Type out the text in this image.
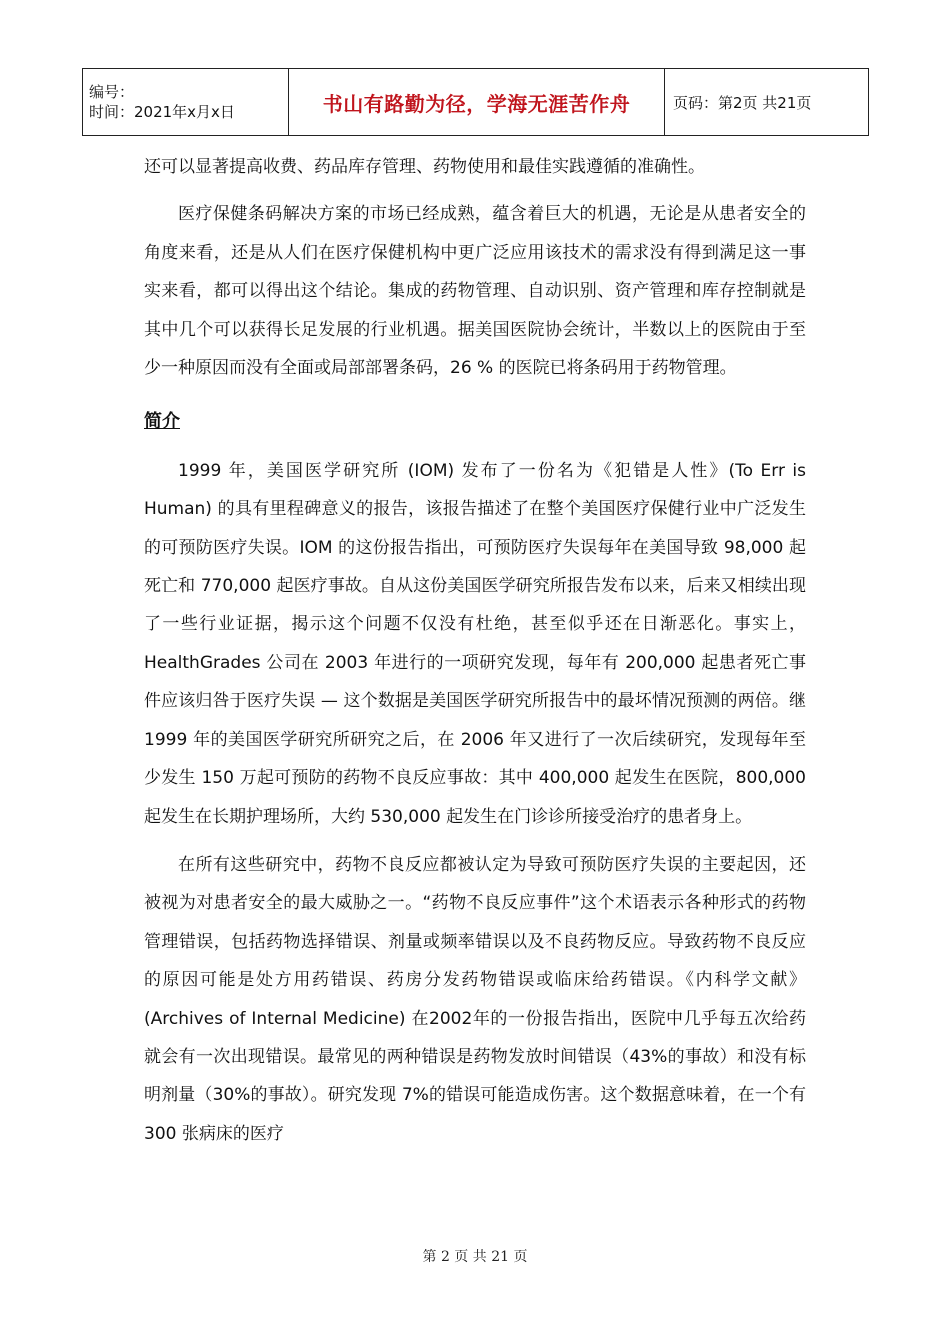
编号：
时间：2021年x月x日	书山有路勤为径，学海无涯苦作舟	页码：第2页 共21页

还可以显著提高收费、药品库存管理、药物使用和最佳实践遵循的准确性。

医疗保健条码解决方案的市场已经成熟，蕴含着巨大的机遇，无论是从患者安全的角度来看，还是从人们在医疗保健机构中更广泛应用该技术的需求没有得到满足这一事实来看，都可以得出这个结论。集成的药物管理、自动识别、资产管理和库存控制就是其中几个可以获得长足发展的行业机遇。据美国医院协会统计，半数以上的医院由于至少一种原因而没有全面或局部部署条码，26 % 的医院已将条码用于药物管理。

简介

1999 年，美国医学研究所 (IOM) 发布了一份名为《犯错是人性》(To Err is Human) 的具有里程碑意义的报告，该报告描述了在整个美国医疗保健行业中广泛发生的可预防医疗失误。IOM 的这份报告指出，可预防医疗失误每年在美国导致 98,000 起死亡和 770,000 起医疗事故。自从这份美国医学研究所报告发布以来，后来又相续出现了一些行业证据，揭示这个问题不仅没有杜绝，甚至似乎还在日渐恶化。事实上，HealthGrades 公司在 2003 年进行的一项研究发现，每年有 200,000 起患者死亡事件应该归咎于医疗失误 — 这个数据是美国医学研究所报告中的最坏情况预测的两倍。继 1999 年的美国医学研究所研究之后，在 2006 年又进行了一次后续研究，发现每年至少发生 150 万起可预防的药物不良反应事故：其中 400,000 起发生在医院，800,000 起发生在长期护理场所，大约 530,000 起发生在门诊诊所接受治疗的患者身上。

在所有这些研究中，药物不良反应都被认定为导致可预防医疗失误的主要起因，还被视为对患者安全的最大威胁之一。“药物不良反应事件”这个术语表示各种形式的药物管理错误，包括药物选择错误、剂量或频率错误以及不良药物反应。导致药物不良反应的原因可能是处方用药错误、药房分发药物错误或临床给药错误。《内科学文献》(Archives of Internal Medicine) 在2002年的一份报告指出，医院中几乎每五次给药就会有一次出现错误。最常见的两种错误是药物发放时间错误（43%的事故）和没有标明剂量（30%的事故）。研究发现 7%的错误可能造成伤害。这个数据意味着，在一个有 300 张病床的医疗

第 2 页 共 21 页
